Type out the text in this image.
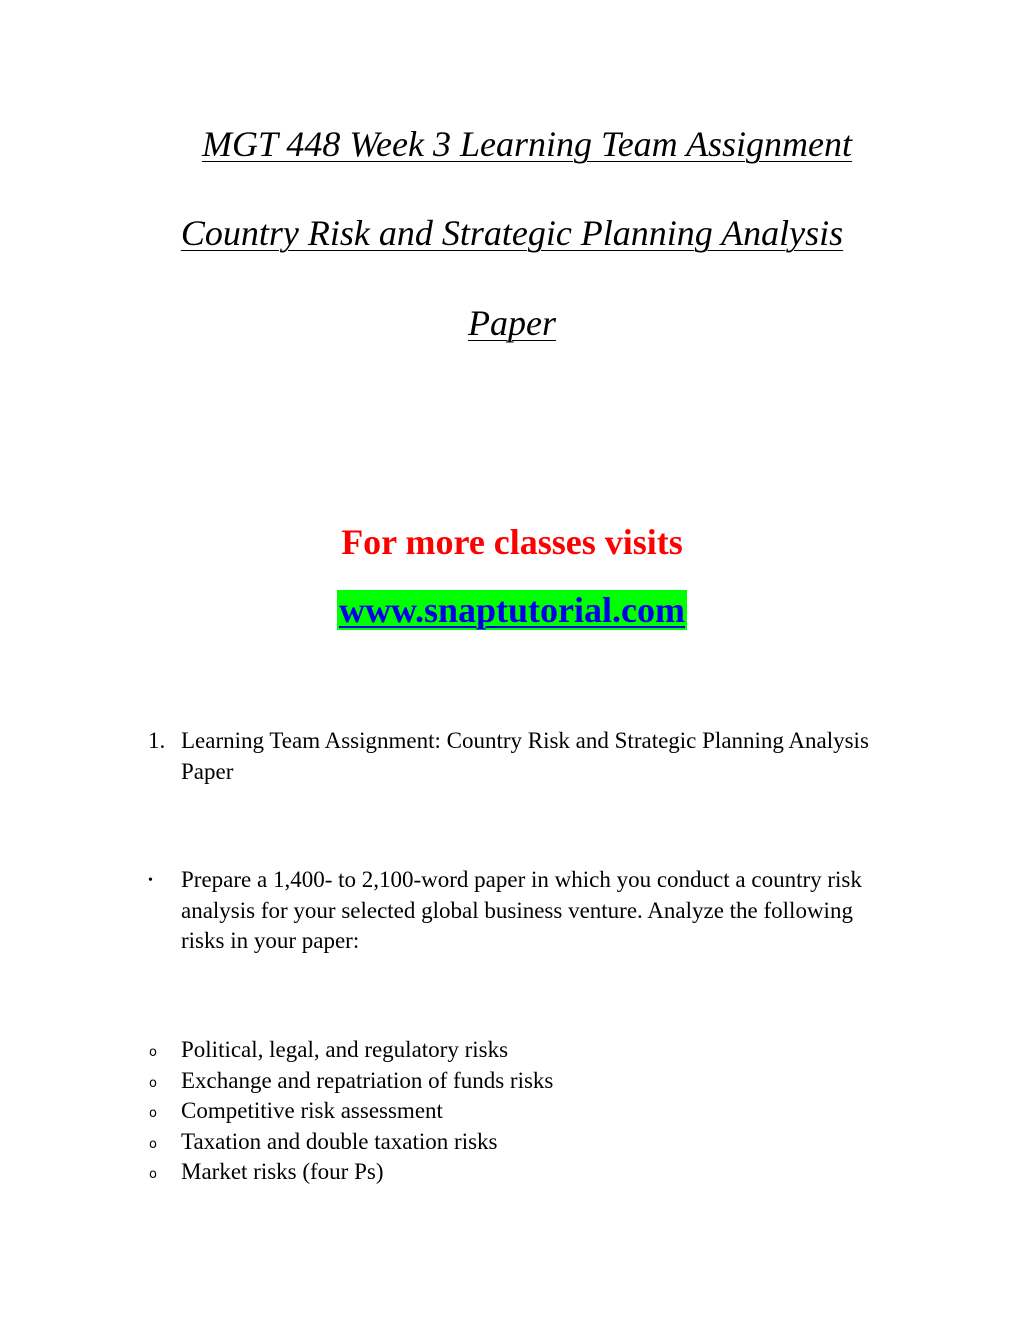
MGT 448 Week 3 Learning Team Assignment
Country Risk and Strategic Planning Analysis
Paper
For more classes visits
www.snaptutorial.com
1. Learning Team Assignment: Country Risk and Strategic Planning Analysis Paper
• Prepare a 1,400- to 2,100-word paper in which you conduct a country risk analysis for your selected global business venture. Analyze the following risks in your paper:
o Political, legal, and regulatory risks
o Exchange and repatriation of funds risks
o Competitive risk assessment
o Taxation and double taxation risks
o Market risks (four Ps)
